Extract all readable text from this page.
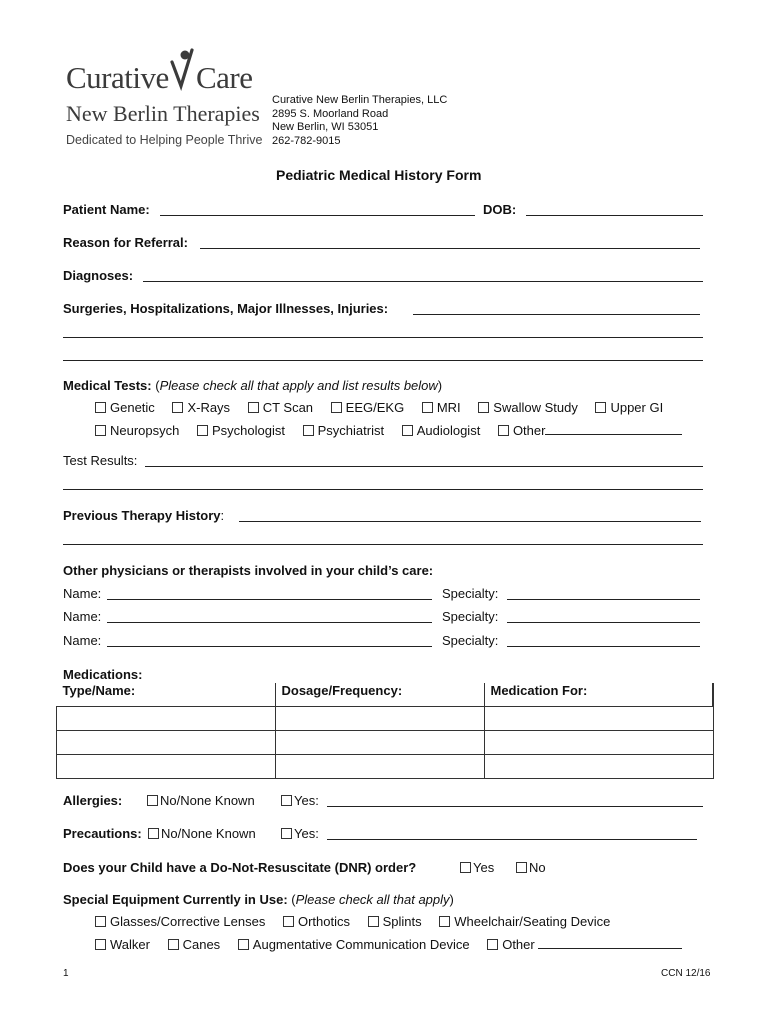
Curative Care
New Berlin Therapies
Dedicated to Helping People Thrive
Curative New Berlin Therapies, LLC
2895 S. Moorland Road
New Berlin, WI 53051
262-782-9015
Pediatric Medical History Form
Patient Name:	DOB:
Reason for Referral:
Diagnoses:
Surgeries, Hospitalizations, Major Illnesses, Injuries:
Medical Tests: (Please check all that apply and list results below)
Genetic	X-Rays	CT Scan	EEG/EKG	MRI	Swallow Study	Upper GI
Neuropsych	Psychologist	Psychiatrist	Audiologist	Other
Test Results:
Previous Therapy History:
Other physicians or therapists involved in your child’s care:
Name:	Specialty:
Name:	Specialty:
Name:	Specialty:
Medications:
Type/Name:	Dosage/Frequency:	Medication For:

Allergies:	No/None Known	Yes:
Precautions:	No/None Known	Yes:
Does your Child have a Do-Not-Resuscitate (DNR) order?	Yes	No
Special Equipment Currently in Use: (Please check all that apply)
Glasses/Corrective Lenses	Orthotics	Splints	Wheelchair/Seating Device
Walker	Canes	Augmentative Communication Device	Other
1	CCN 12/16
